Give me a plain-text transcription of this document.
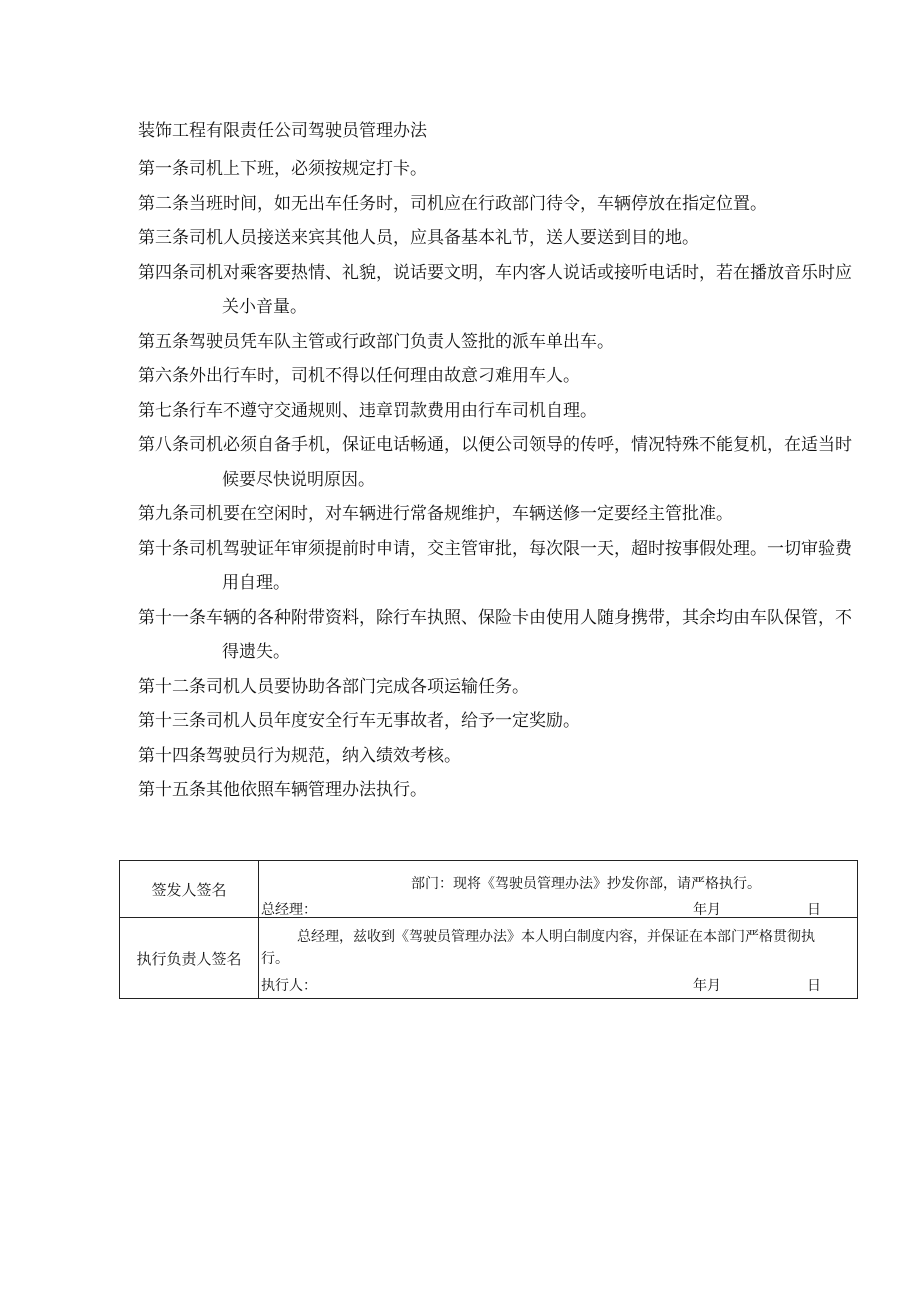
装饰工程有限责任公司驾驶员管理办法
第一条司机上下班，必须按规定打卡。
第二条当班时间，如无出车任务时，司机应在行政部门待令，车辆停放在指定位置。
第三条司机人员接送来宾其他人员，应具备基本礼节，送人要送到目的地。
第四条司机对乘客要热情、礼貌，说话要文明，车内客人说话或接听电话时，若在播放音乐时应关小音量。
第五条驾驶员凭车队主管或行政部门负责人签批的派车单出车。
第六条外出行车时，司机不得以任何理由故意刁难用车人。
第七条行车不遵守交通规则、违章罚款费用由行车司机自理。
第八条司机必须自备手机，保证电话畅通，以便公司领导的传呼，情况特殊不能复机，在适当时候要尽快说明原因。
第九条司机要在空闲时，对车辆进行常备规维护，车辆送修一定要经主管批准。
第十条司机驾驶证年审须提前时申请，交主管审批，每次限一天，超时按事假处理。一切审验费用自理。
第十一条车辆的各种附带资料，除行车执照、保险卡由使用人随身携带，其余均由车队保管，不得遗失。
第十二条司机人员要协助各部门完成各项运输任务。
第十三条司机人员年度安全行车无事故者，给予一定奖励。
第十四条驾驶员行为规范，纳入绩效考核。
第十五条其他依照车辆管理办法执行。
签发人签名	部门：现将《驾驶员管理办法》抄发你部，请严格执行。
总经理： 年月 日

执行负责人签名	总经理，兹收到《驾驶员管理办法》本人明白制度内容，并保证在本部门严格贯彻执行。
执行人： 年月 日
